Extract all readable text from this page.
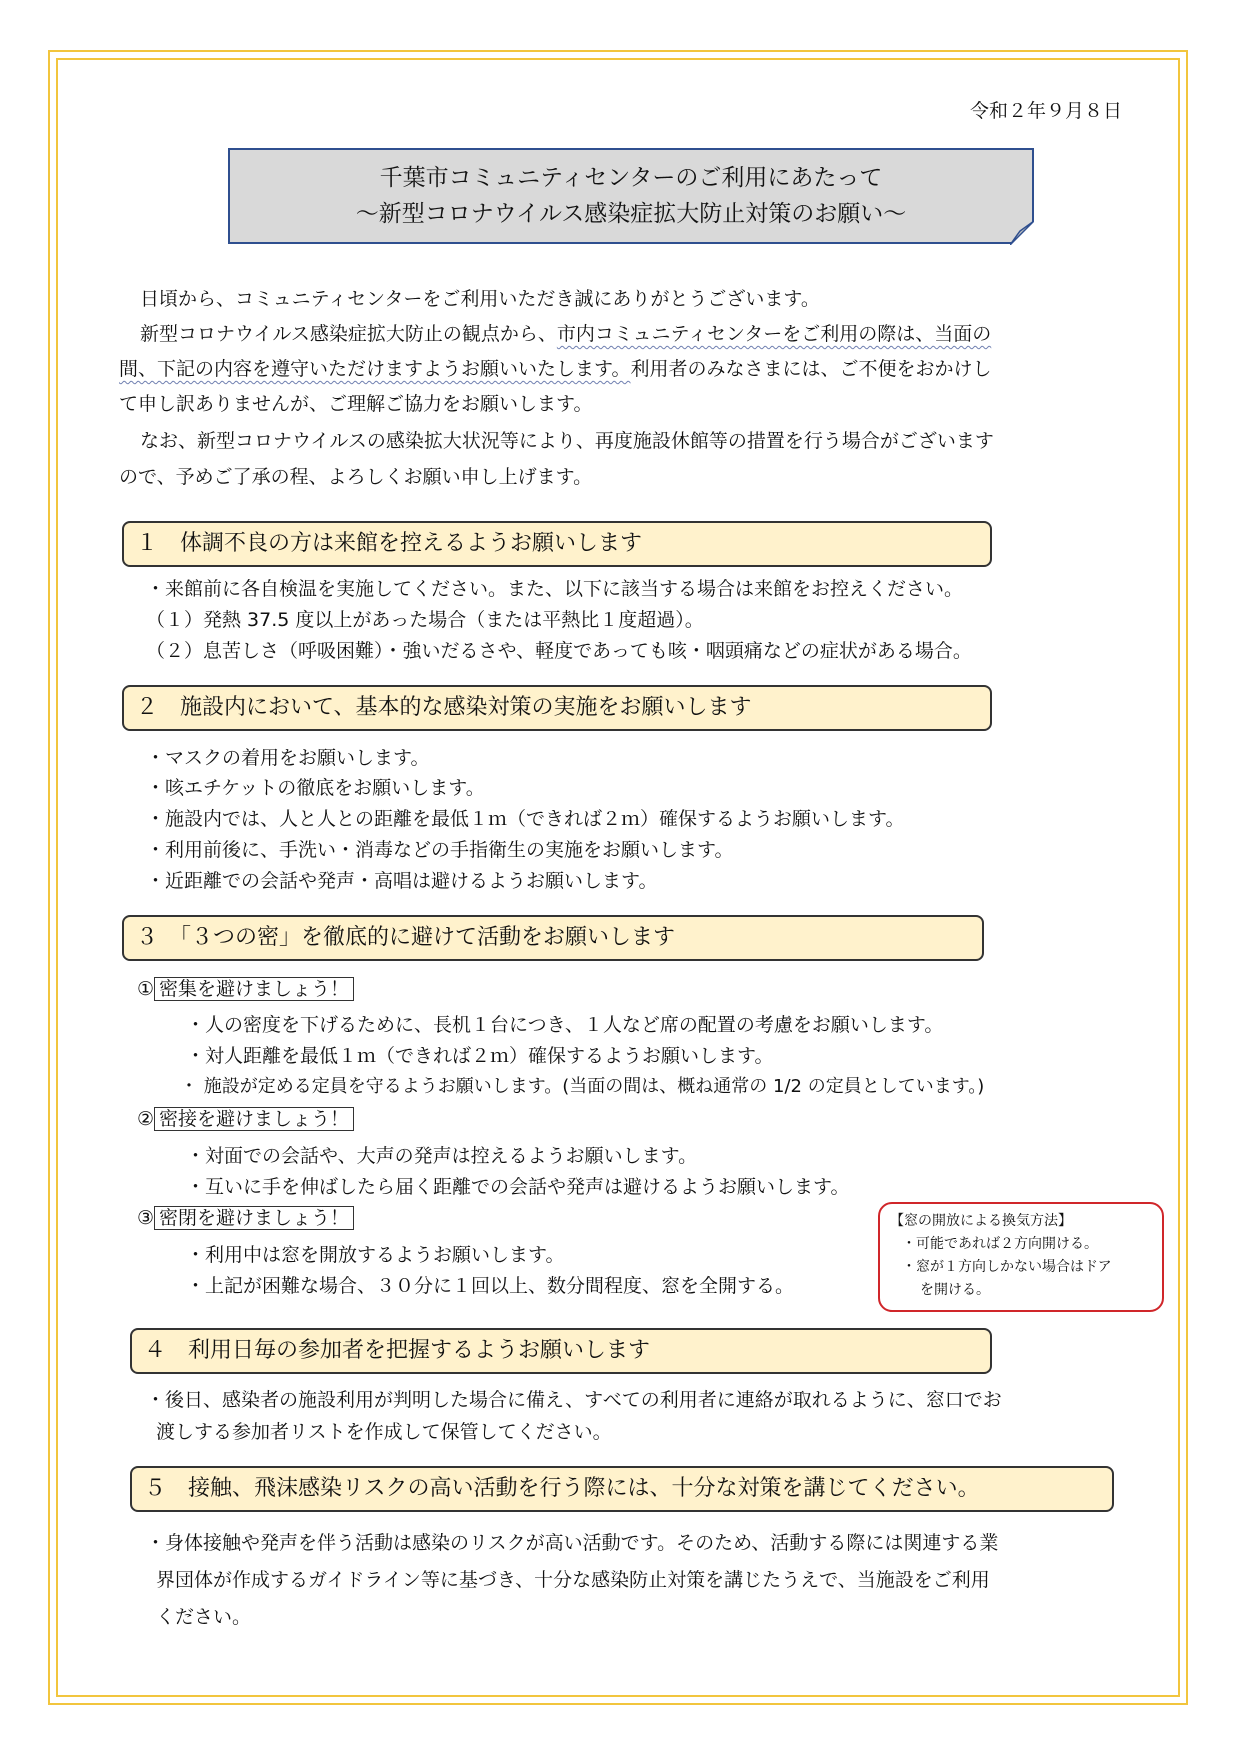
令和２年９月８日
千葉市コミュニティセンターのご利用にあたって
～新型コロナウイルス感染症拡大防止対策のお願い～
日頃から、コミュニティセンターをご利用いただき誠にありがとうございます。
新型コロナウイルス感染症拡大防止の観点から、市内コミュニティセンターをご利用の際は、当面の
間、下記の内容を遵守いただけますようお願いいたします。利用者のみなさまには、ご不便をおかけし
て申し訳ありませんが、ご理解ご協力をお願いします。
なお、新型コロナウイルスの感染拡大状況等により、再度施設休館等の措置を行う場合がございます
ので、予めご了承の程、よろしくお願い申し上げます。
１　体調不良の方は来館を控えるようお願いします
・来館前に各自検温を実施してください。また、以下に該当する場合は来館をお控えください。
（１）発熱 37.5 度以上があった場合（または平熱比１度超過）。
（２）息苦しさ（呼吸困難）・強いだるさや、軽度であっても咳・咽頭痛などの症状がある場合。
２　施設内において、基本的な感染対策の実施をお願いします
・マスクの着用をお願いします。
・咳エチケットの徹底をお願いします。
・施設内では、人と人との距離を最低１ｍ（できれば２ｍ）確保するようお願いします。
・利用前後に、手洗い・消毒などの手指衛生の実施をお願いします。
・近距離での会話や発声・高唱は避けるようお願いします。
３　「３つの密」を徹底的に避けて活動をお願いします
① 密集を避けましょう！
・人の密度を下げるために、長机１台につき、１人など席の配置の考慮をお願いします。
・対人距離を最低１ｍ（できれば２ｍ）確保するようお願いします。
・ 施設が定める定員を守るようお願いします。(当面の間は、概ね通常の 1/2 の定員としています。)
② 密接を避けましょう！
・対面での会話や、大声の発声は控えるようお願いします。
・互いに手を伸ばしたら届く距離での会話や発声は避けるようお願いします。
③ 密閉を避けましょう！
・利用中は窓を開放するようお願いします。
・上記が困難な場合、３０分に１回以上、数分間程度、窓を全開する。
【窓の開放による換気方法】
・可能であれば２方向開ける。
・窓が１方向しかない場合はドア
を開ける。
４　利用日毎の参加者を把握するようお願いします
・後日、感染者の施設利用が判明した場合に備え、すべての利用者に連絡が取れるように、窓口でお
渡しする参加者リストを作成して保管してください。
５　接触、飛沫感染リスクの高い活動を行う際には、十分な対策を講じてください。
・身体接触や発声を伴う活動は感染のリスクが高い活動です。そのため、活動する際には関連する業
界団体が作成するガイドライン等に基づき、十分な感染防止対策を講じたうえで、当施設をご利用
ください。
